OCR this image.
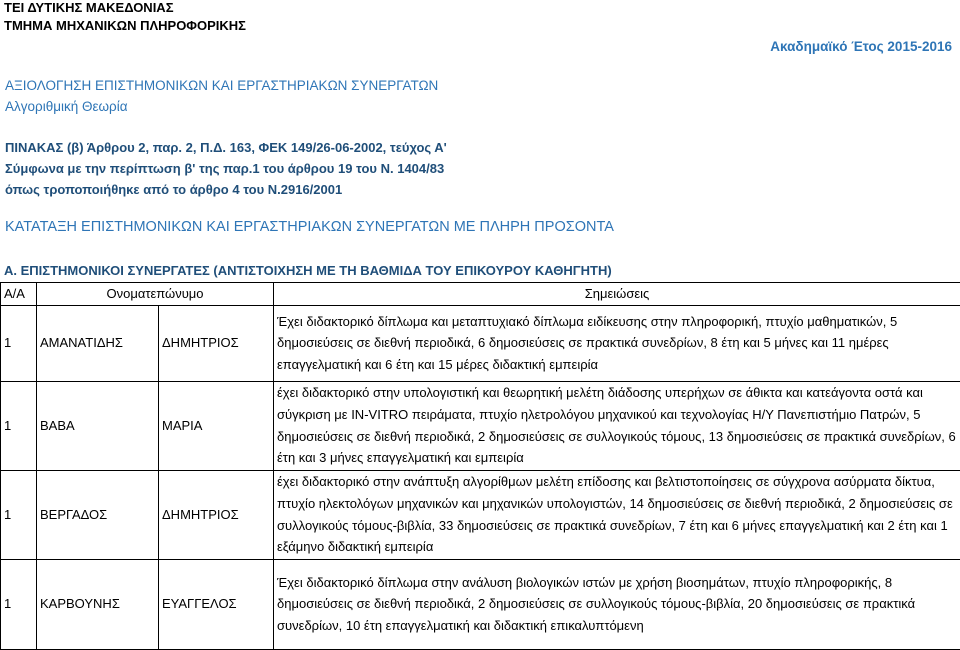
ΤΕΙ ΔΥΤΙΚΗΣ ΜΑΚΕΔΟΝΙΑΣ
ΤΜΗΜΑ ΜΗΧΑΝΙΚΩΝ ΠΛΗΡΟΦΟΡΙΚΗΣ
Ακαδημαϊκό Έτος 2015-2016
ΑΞΙΟΛΟΓΗΣΗ ΕΠΙΣΤΗΜΟΝΙΚΩΝ ΚΑΙ ΕΡΓΑΣΤΗΡΙΑΚΩΝ ΣΥΝΕΡΓΑΤΩΝ
Αλγοριθμική Θεωρία
ΠΙΝΑΚΑΣ (β) Άρθρου 2, παρ. 2, Π.Δ. 163, ΦΕΚ 149/26-06-2002, τεύχος Α'
Σύμφωνα με την περίπτωση β' της παρ.1 του άρθρου 19 του Ν. 1404/83
όπως τροποποιήθηκε από το άρθρο 4 του Ν.2916/2001
ΚΑΤΑΤΑΞΗ ΕΠΙΣΤΗΜΟΝΙΚΩΝ ΚΑΙ ΕΡΓΑΣΤΗΡΙΑΚΩΝ ΣΥΝΕΡΓΑΤΩΝ ΜΕ ΠΛΗΡΗ ΠΡΟΣΟΝΤΑ
Α. ΕΠΙΣΤΗΜΟΝΙΚΟΙ ΣΥΝΕΡΓΑΤΕΣ (ΑΝΤΙΣΤΟΙΧΗΣΗ ΜΕ ΤΗ ΒΑΘΜΙΔΑ ΤΟΥ ΕΠΙΚΟΥΡΟΥ ΚΑΘΗΓΗΤΗ)
Α/Α	Ονοματεπώνυμο		Σημειώσεις
1	ΑΜΑΝΑΤΙΔΗΣ	ΔΗΜΗΤΡΙΟΣ	Έχει διδακτορικό δίπλωμα και μεταπτυχιακό δίπλωμα ειδίκευσης στην πληροφορική, πτυχίο μαθηματικών, 5 δημοσιεύσεις σε διεθνή περιοδικά, 6 δημοσιεύσεις σε πρακτικά συνεδρίων, 8 έτη και 5 μήνες και 11 ημέρες επαγγελματική και 6 έτη και 15 μέρες διδακτική εμπειρία
1	ΒΑΒΑ	ΜΑΡΙΑ	έχει διδακτορικό στην υπολογιστική και θεωρητική μελέτη διάδοσης υπερήχων σε άθικτα και κατεάγοντα οστά και σύγκριση με IN-VITRO πειράματα, πτυχίο ηλετρολόγου μηχανικού και τεχνολογίας Η/Υ Πανεπιστήμιο Πατρών, 5 δημοσιεύσεις σε διεθνή περιοδικά, 2 δημοσιεύσεις σε συλλογικούς τόμους, 13 δημοσιεύσεις σε πρακτικά συνεδρίων, 6 έτη και 3 μήνες επαγγελματική και εμπειρία
1	ΒΕΡΓΑΔΟΣ	ΔΗΜΗΤΡΙΟΣ	έχει διδακτορικό στην ανάπτυξη αλγορίθμων μελέτη επίδοσης και βελτιστοποίησεις σε σύγχρονα ασύρματα δίκτυα, πτυχίο ηλεκτολόγων μηχανικών και μηχανικών υπολογιστών, 14 δημοσιεύσεις σε διεθνή περιοδικά, 2 δημοσιεύσεις σε συλλογικούς τόμους-βιβλία, 33 δημοσιεύσεις σε πρακτικά συνεδρίων, 7 έτη και 6 μήνες επαγγελματική και 2 έτη και 1 εξάμηνο διδακτική εμπειρία
1	ΚΑΡΒΟΥΝΗΣ	ΕΥΑΓΓΕΛΟΣ	Έχει διδακτορικό δίπλωμα στην ανάλυση βιολογικών ιστών με χρήση βιοσημάτων, πτυχίο πληροφορικής, 8 δημοσιεύσεις σε διεθνή περιοδικά, 2 δημοσιεύσεις σε συλλογικούς τόμους-βιβλία, 20 δημοσιεύσεις σε πρακτικά συνεδρίων, 10 έτη επαγγελματική και διδακτική επικαλυπτόμενη
